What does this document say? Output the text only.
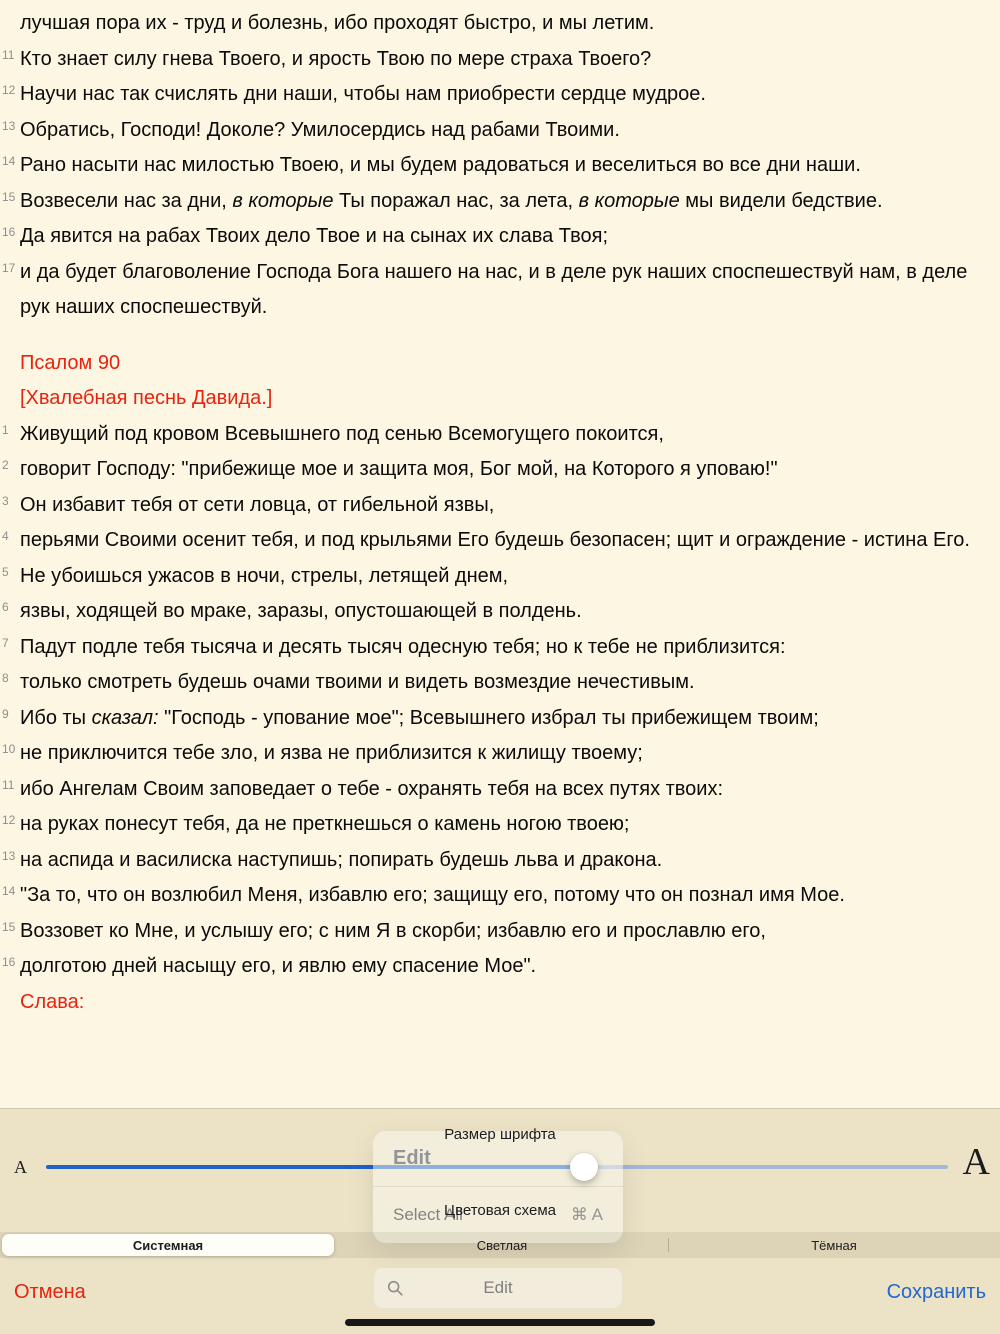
лучшая пора их - труд и болезнь, ибо проходят быстро, и мы летим.

11 Кто знает силу гнева Твоего, и ярость Твою по мере страха Твоего?

12 Научи нас так счислять дни наши, чтобы нам приобрести сердце мудрое.

13 Обратись, Господи! Доколе? Умилосердись над рабами Твоими.

14 Рано насыти нас милостью Твоею, и мы будем радоваться и веселиться во все дни наши.

15 Возвесели нас за дни, в которые Ты поражал нас, за лета, в которые мы видели бедствие.

16 Да явится на рабах Твоих дело Твое и на сынах их слава Твоя;

17 и да будет благоволение Господа Бога нашего на нас, и в деле рук наших споспешествуй нам, в деле рук наших споспешествуй.

Псалом 90

[Хвалебная песнь Давида.]

1 Живущий под кровом Всевышнего под сенью Всемогущего покоится,

2 говорит Господу: "прибежище мое и защита моя, Бог мой, на Которого я уповаю!"

3 Он избавит тебя от сети ловца, от гибельной язвы,

4 перьями Своими осенит тебя, и под крыльями Его будешь безопасен; щит и ограждение - истина Его.

5 Не убоишься ужасов в ночи, стрелы, летящей днем,

6 язвы, ходящей во мраке, заразы, опустошающей в полдень.

7 Падут подле тебя тысяча и десять тысяч одесную тебя; но к тебе не приблизится:

8 только смотреть будешь очами твоими и видеть возмездие нечестивым.

9 Ибо ты сказал: "Господь - упование мое"; Всевышнего избрал ты прибежищем твоим;

10 не приключится тебе зло, и язва не приблизится к жилищу твоему;

11 ибо Ангелам Своим заповедает о тебе - охранять тебя на всех путях твоих:

12 на руках понесут тебя, да не преткнешься о камень ногою твоею;

13 на аспида и василиска наступишь; попирать будешь льва и дракона.

14 "За то, что он возлюбил Меня, избавлю его; защищу его, потому что он познал имя Мое.

15 Воззовет ко Мне, и услышу его; с ним Я в скорби; избавлю его и прославлю его,

16 долготою дней насыщу его, и явлю ему спасение Мое".

Слава:

Размер шрифта
A	A
Edit
Select All	⌘ A
Цветовая схема
Системная	Светлая	Тёмная
Edit
Отмена	Сохранить
